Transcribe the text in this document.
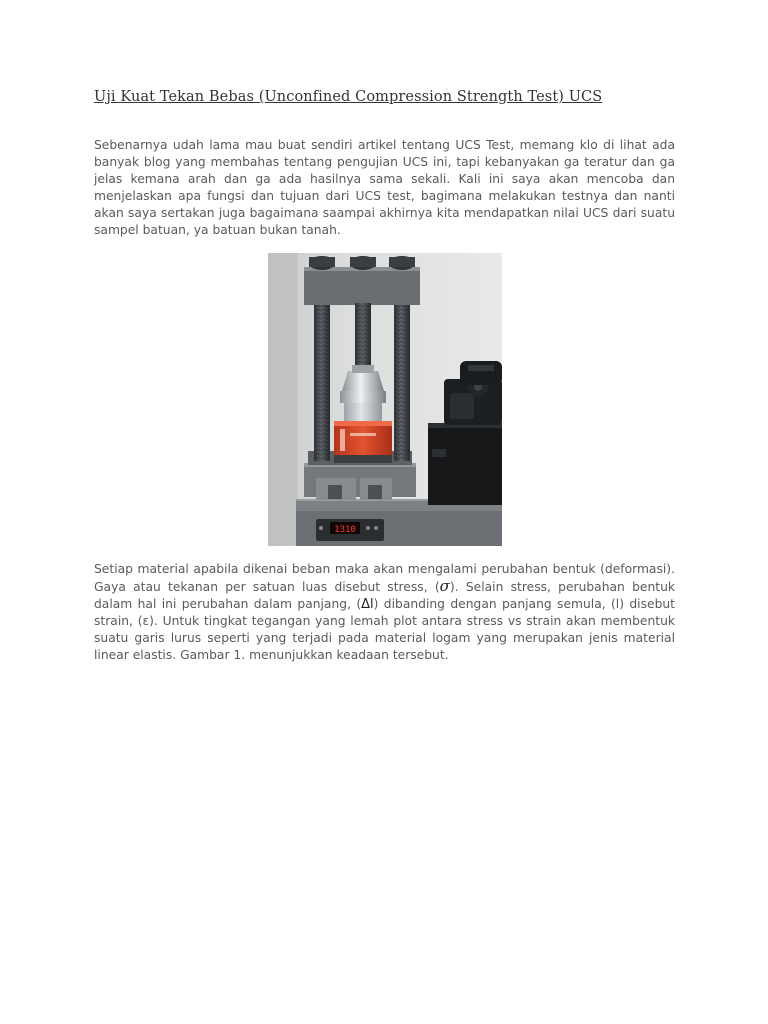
Uji Kuat Tekan Bebas (Unconfined Compression Strength Test) UCS

Sebenarnya udah lama mau buat sendiri artikel tentang UCS Test, memang klo di lihat ada banyak blog yang membahas tentang pengujian UCS ini, tapi kebanyakan ga teratur dan ga jelas kemana arah dan ga ada hasilnya sama sekali. Kali ini saya akan mencoba dan menjelaskan apa fungsi dan tujuan dari UCS test, bagimana melakukan testnya dan nanti akan saya sertakan juga bagaimana saampai akhirnya kita mendapatkan nilai UCS dari suatu sampel batuan, ya batuan bukan tanah.

Setiap material apabila dikenai beban maka akan mengalami perubahan bentuk (deformasi). Gaya atau tekanan per satuan luas disebut stress, (σ). Selain stress, perubahan bentuk dalam hal ini perubahan dalam panjang, (Δl) dibanding dengan panjang semula, (l) disebut strain, (ε). Untuk tingkat tegangan yang lemah plot antara stress vs strain akan membentuk suatu garis lurus seperti yang terjadi pada material logam yang merupakan jenis material linear elastis. Gambar 1. menunjukkan keadaan tersebut.

1310
